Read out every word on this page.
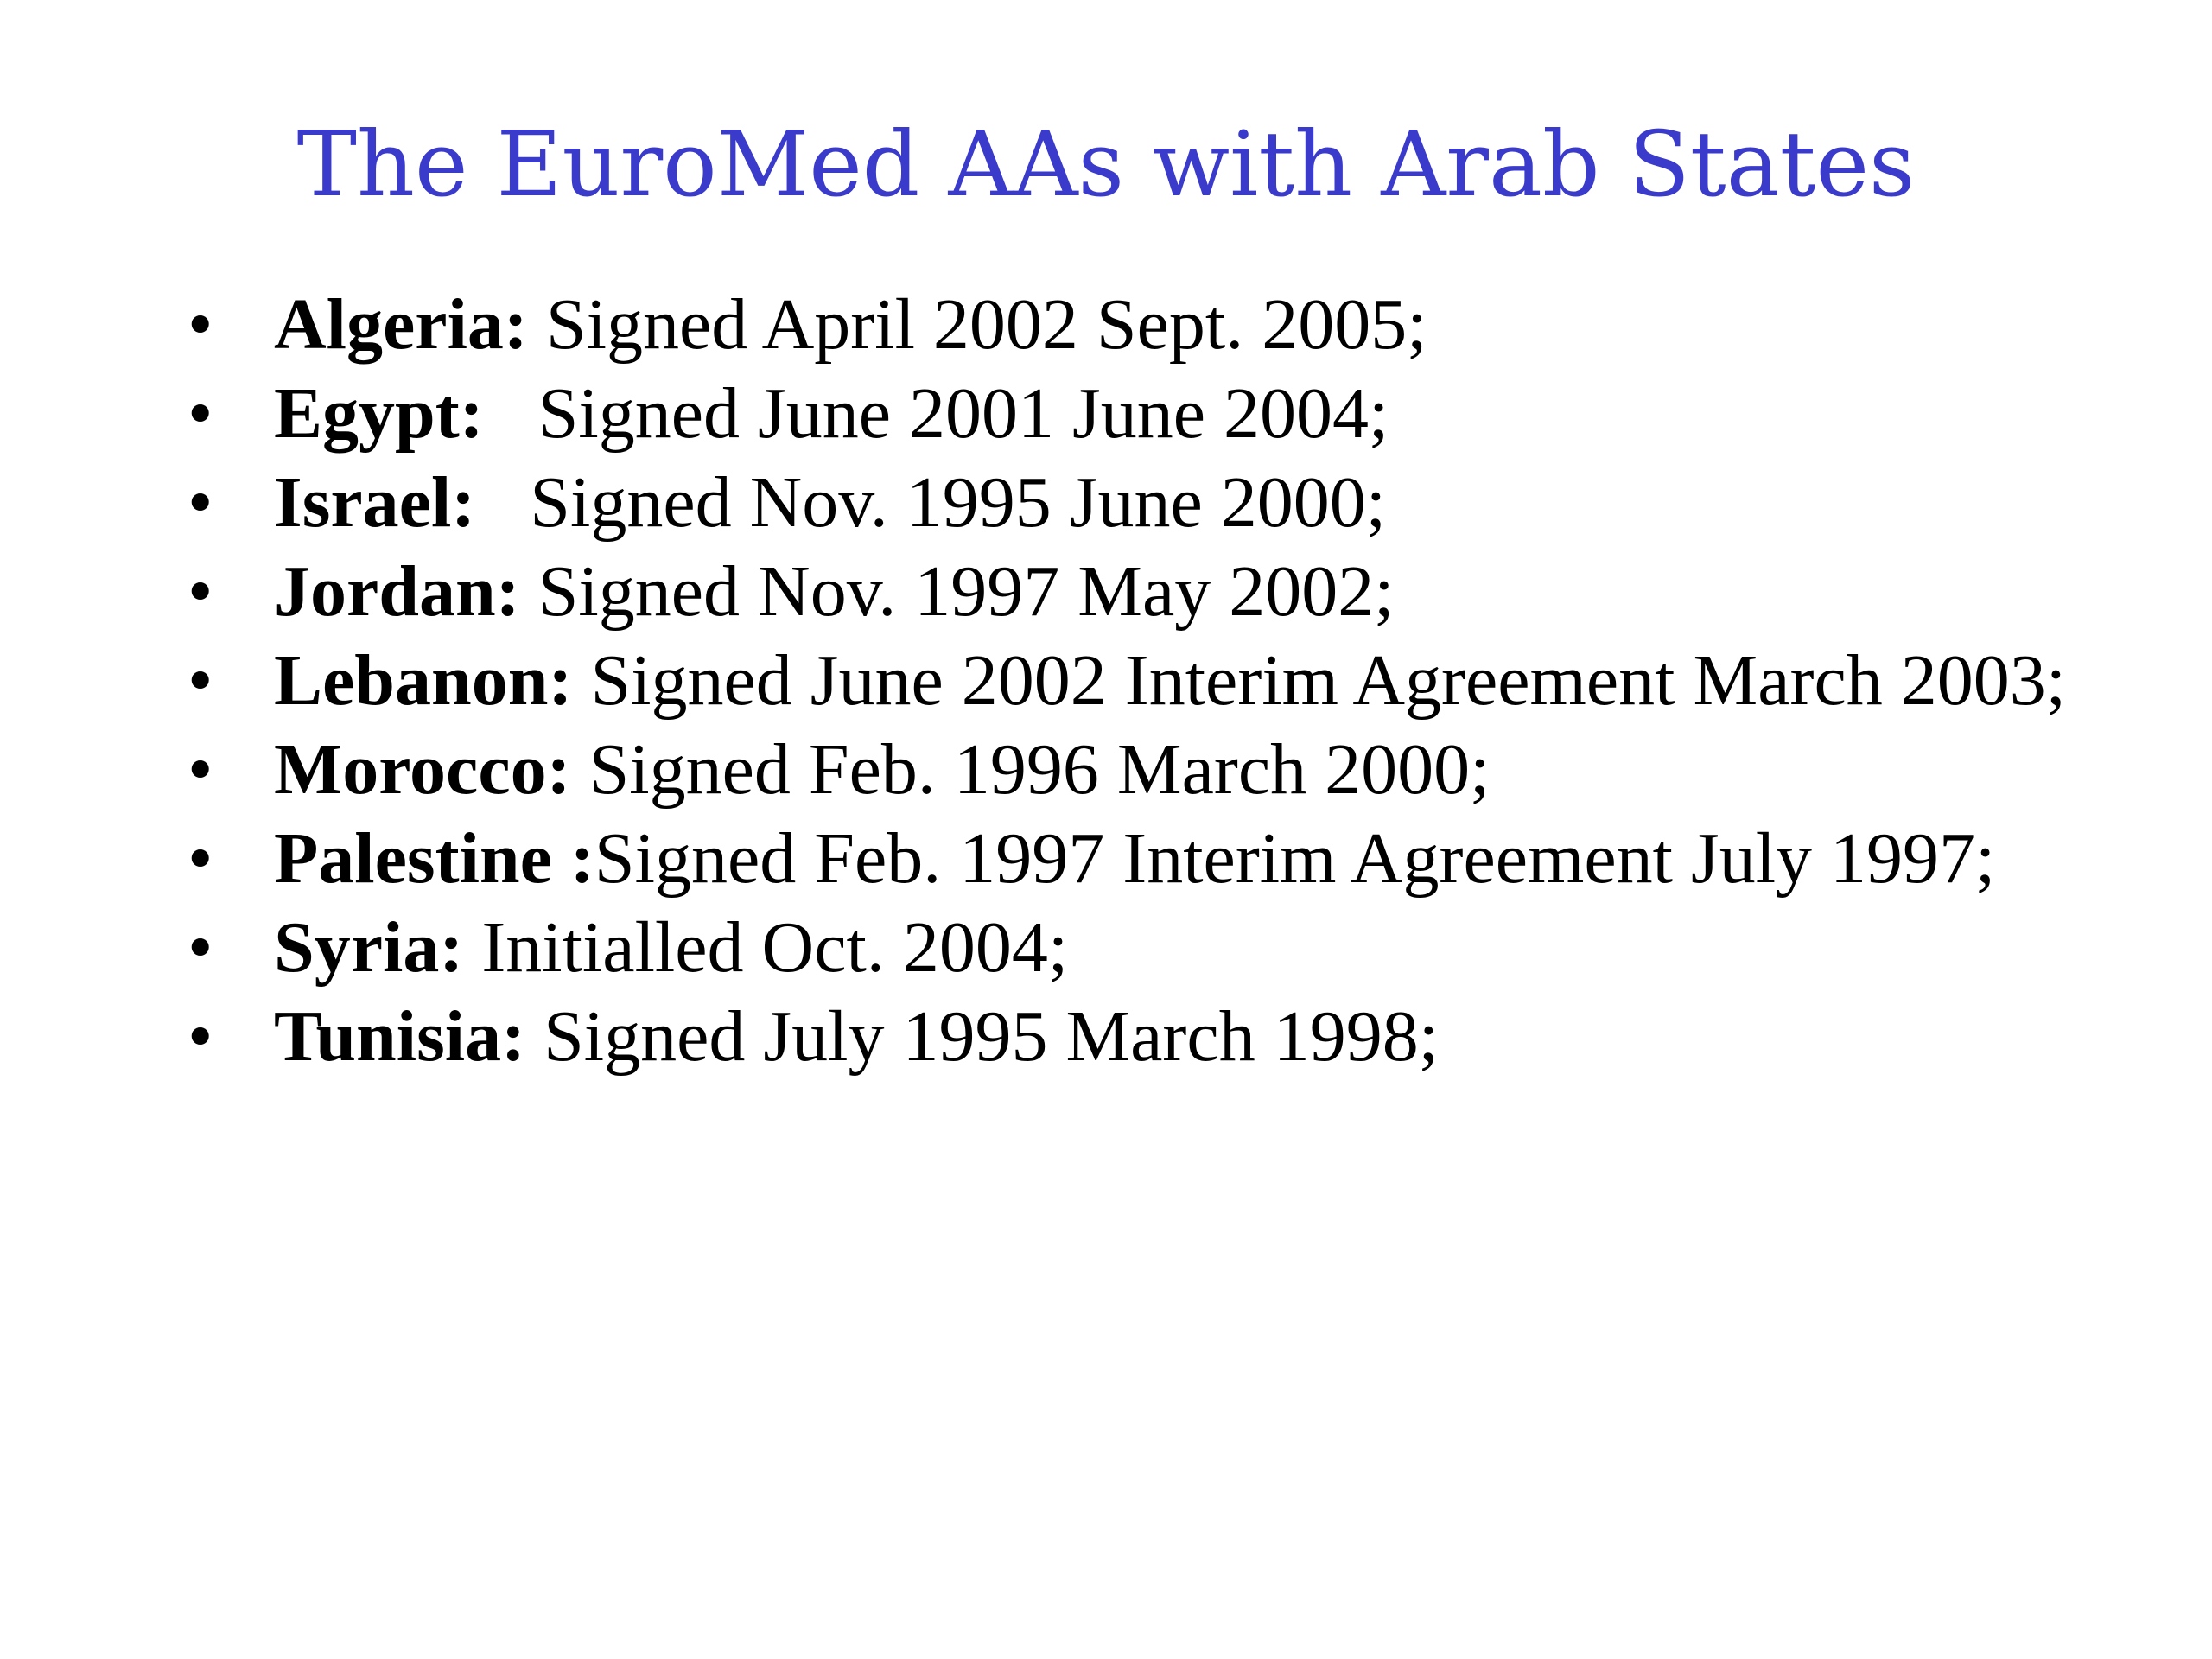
The EuroMed AAs with Arab States
• Algeria: Signed April 2002 Sept. 2005;
• Egypt:   Signed June 2001 June 2004;
• Israel:   Signed Nov. 1995 June 2000;
• Jordan: Signed Nov. 1997 May 2002;
• Lebanon: Signed June 2002 Interim Agreement March 2003;
• Morocco: Signed Feb. 1996 March 2000;
• Palestine :Signed Feb. 1997 Interim Agreement July 1997;
• Syria: Initialled Oct. 2004;
• Tunisia: Signed July 1995 March 1998;
